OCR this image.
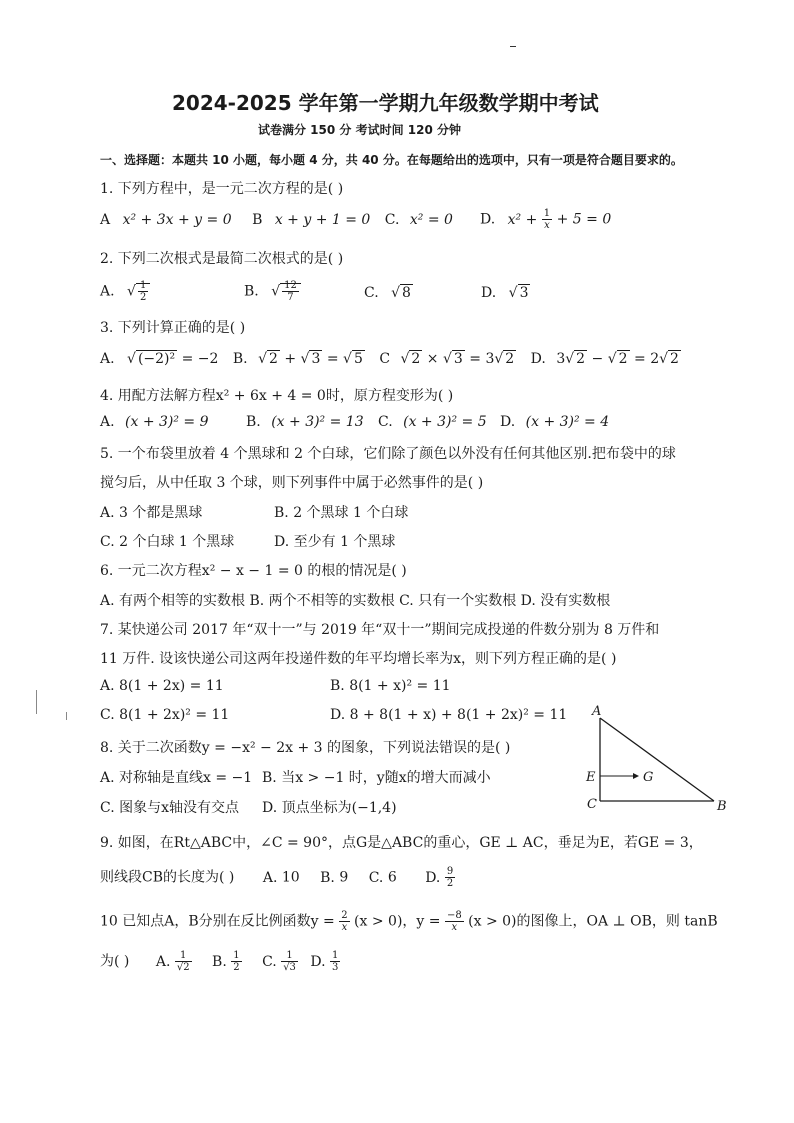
2024-2025 学年第一学期九年级数学期中考试
试卷满分 150 分 考试时间 120 分钟
一、选择题：本题共 10 小题，每小题 4 分，共 40 分。在每题给出的选项中，只有一项是符合题目要求的。
1. 下列方程中，是一元二次方程的是( )
A x² + 3x + y = 0 B x + y + 1 = 0 C. x² = 0 D. $x^2 + \frac{1}{x} + 5 = 0$
2. 下列二次根式是最简二次根式的是( )
A. √ $\frac{1}{2}$	B. √ $\frac{12}{7}$	C. √ 8	D. √ 3
3. 下列计算正确的是( )
A. √ (−2)² = −2 B. √ 2 + √ 3 = √ 5 C √ 2 × √ 3 = 3√ 2 D. 3√ 2 − √ 2 = 2√ 2
4. 用配方法解方程x² + 6x + 4 = 0时，原方程变形为( )
A. (x + 3)² = 9	B. (x + 3)² = 13 C. (x + 3)² = 5 D. (x + 3)² = 4
5. 一个布袋里放着 4 个黑球和 2 个白球，它们除了颜色以外没有任何其他区别.把布袋中的球
搅匀后，从中任取 3 个球，则下列事件中属于必然事件的是( )
A. 3 个都是黑球	B. 2 个黑球 1 个白球
C. 2 个白球 1 个黑球	D. 至少有 1 个黑球
6. 一元二次方程x² − x − 1 = 0 的根的情况是( )
A. 有两个相等的实数根 B. 两个不相等的实数根 C. 只有一个实数根 D. 没有实数根
7. 某快递公司 2017 年“双十一”与 2019 年“双十一”期间完成投递的件数分别为 8 万件和
11 万件. 设该快递公司这两年投递件数的年平均增长率为x，则下列方程正确的是( )
A. 8(1 + 2x) = 11	B. 8(1 + x)² = 11
C. 8(1 + 2x)² = 11	D. 8 + 8(1 + x) + 8(1 + 2x)² = 11
8. 关于二次函数y = −x² − 2x + 3 的图象，下列说法错误的是( )
A. 对称轴是直线x = −1 B. 当x > −1 时，y随x的增大而减小
C. 图象与x轴没有交点 D. 顶点坐标为(−1,4)
A
E	G
C	B
9. 如图，在Rt△ABC中，∠C = 90°，点G是△ABC的重心，GE ⊥ AC，垂足为E，若GE = 3，
则线段CB的长度为( ) A. 10 B. 9 C. 6 D. $\frac{9}{2}$
10 已知点A，B分别在反比例函数$y = \frac{2}{x} (x > 0)$，$y = \frac{-8}{x} (x > 0)$的图像上，OA ⊥ OB，则 tanB
为( ) A. $\frac{1}{√2} B$. $\frac{1}{2} C$. $\frac{1}{√3} D$. $\frac{1}{3}$
